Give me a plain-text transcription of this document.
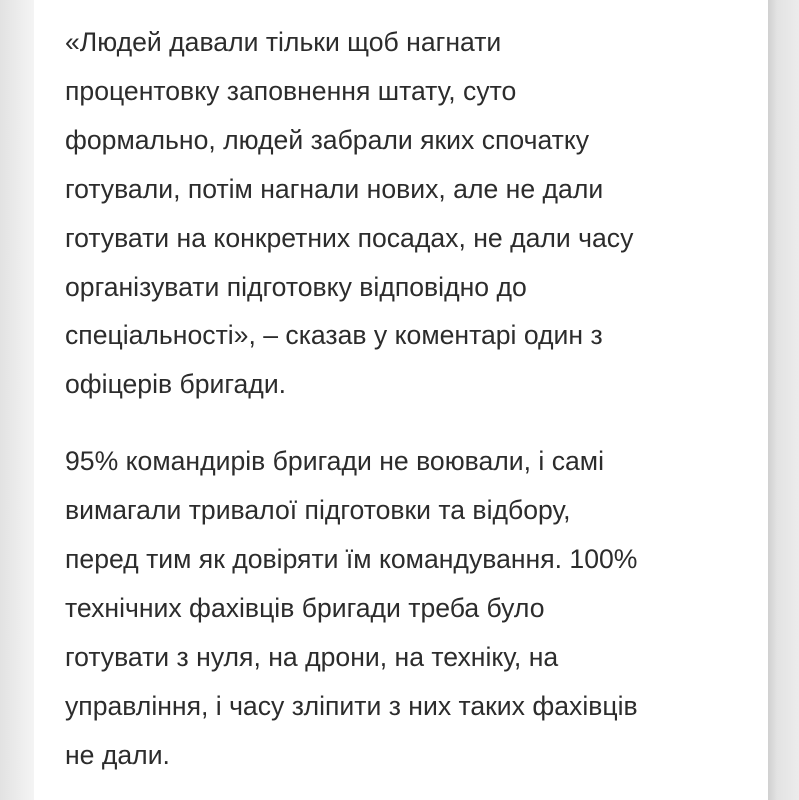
«Людей давали тільки щоб нагнати
процентовку заповнення штату, суто
формально, людей забрали яких спочатку
готували, потім нагнали нових, але не дали
готувати на конкретних посадах, не дали часу
організувати підготовку відповідно до
спеціальності», – сказав у коментарі один з
офіцерів бригади.

95% командирів бригади не воювали, і самі
вимагали тривалої підготовки та відбору,
перед тим як довіряти їм командування. 100%
технічних фахівців бригади треба було
готувати з нуля, на дрони, на техніку, на
управління, і часу зліпити з них таких фахівців
не дали.
